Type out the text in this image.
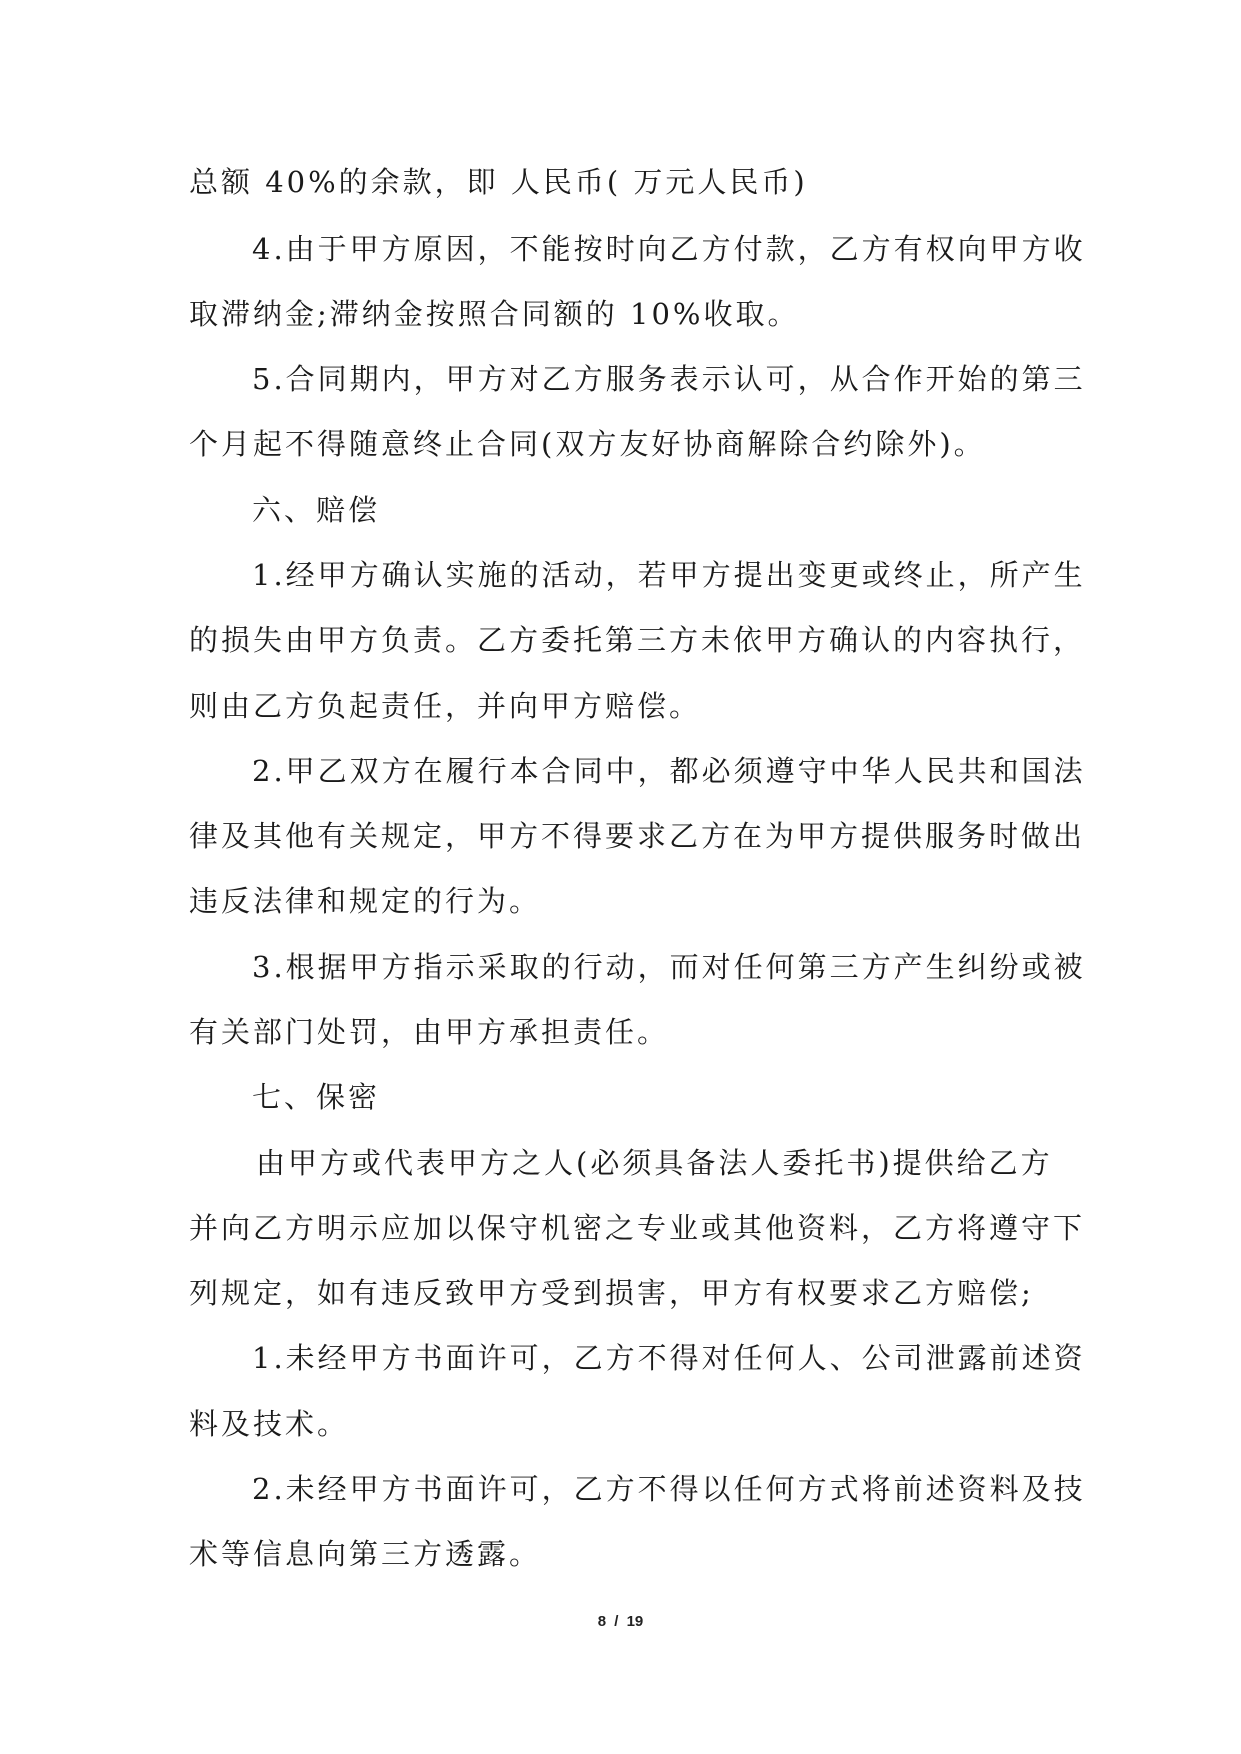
总额 40%的余款，即 人民币( 万元人民币)
4.由于甲方原因，不能按时向乙方付款，乙方有权向甲方收
取滞纳金;滞纳金按照合同额的 10%收取。
5.合同期内，甲方对乙方服务表示认可，从合作开始的第三
个月起不得随意终止合同(双方友好协商解除合约除外)。
六、赔偿
1.经甲方确认实施的活动，若甲方提出变更或终止，所产生
的损失由甲方负责。乙方委托第三方未依甲方确认的内容执行，
则由乙方负起责任，并向甲方赔偿。
2.甲乙双方在履行本合同中，都必须遵守中华人民共和国法
律及其他有关规定，甲方不得要求乙方在为甲方提供服务时做出
违反法律和规定的行为。
3.根据甲方指示采取的行动，而对任何第三方产生纠纷或被
有关部门处罚，由甲方承担责任。
七、保密
由甲方或代表甲方之人(必须具备法人委托书)提供给乙方
并向乙方明示应加以保守机密之专业或其他资料，乙方将遵守下
列规定，如有违反致甲方受到损害，甲方有权要求乙方赔偿;
1.未经甲方书面许可，乙方不得对任何人、公司泄露前述资
料及技术。
2.未经甲方书面许可，乙方不得以任何方式将前述资料及技
术等信息向第三方透露。
8 / 19
